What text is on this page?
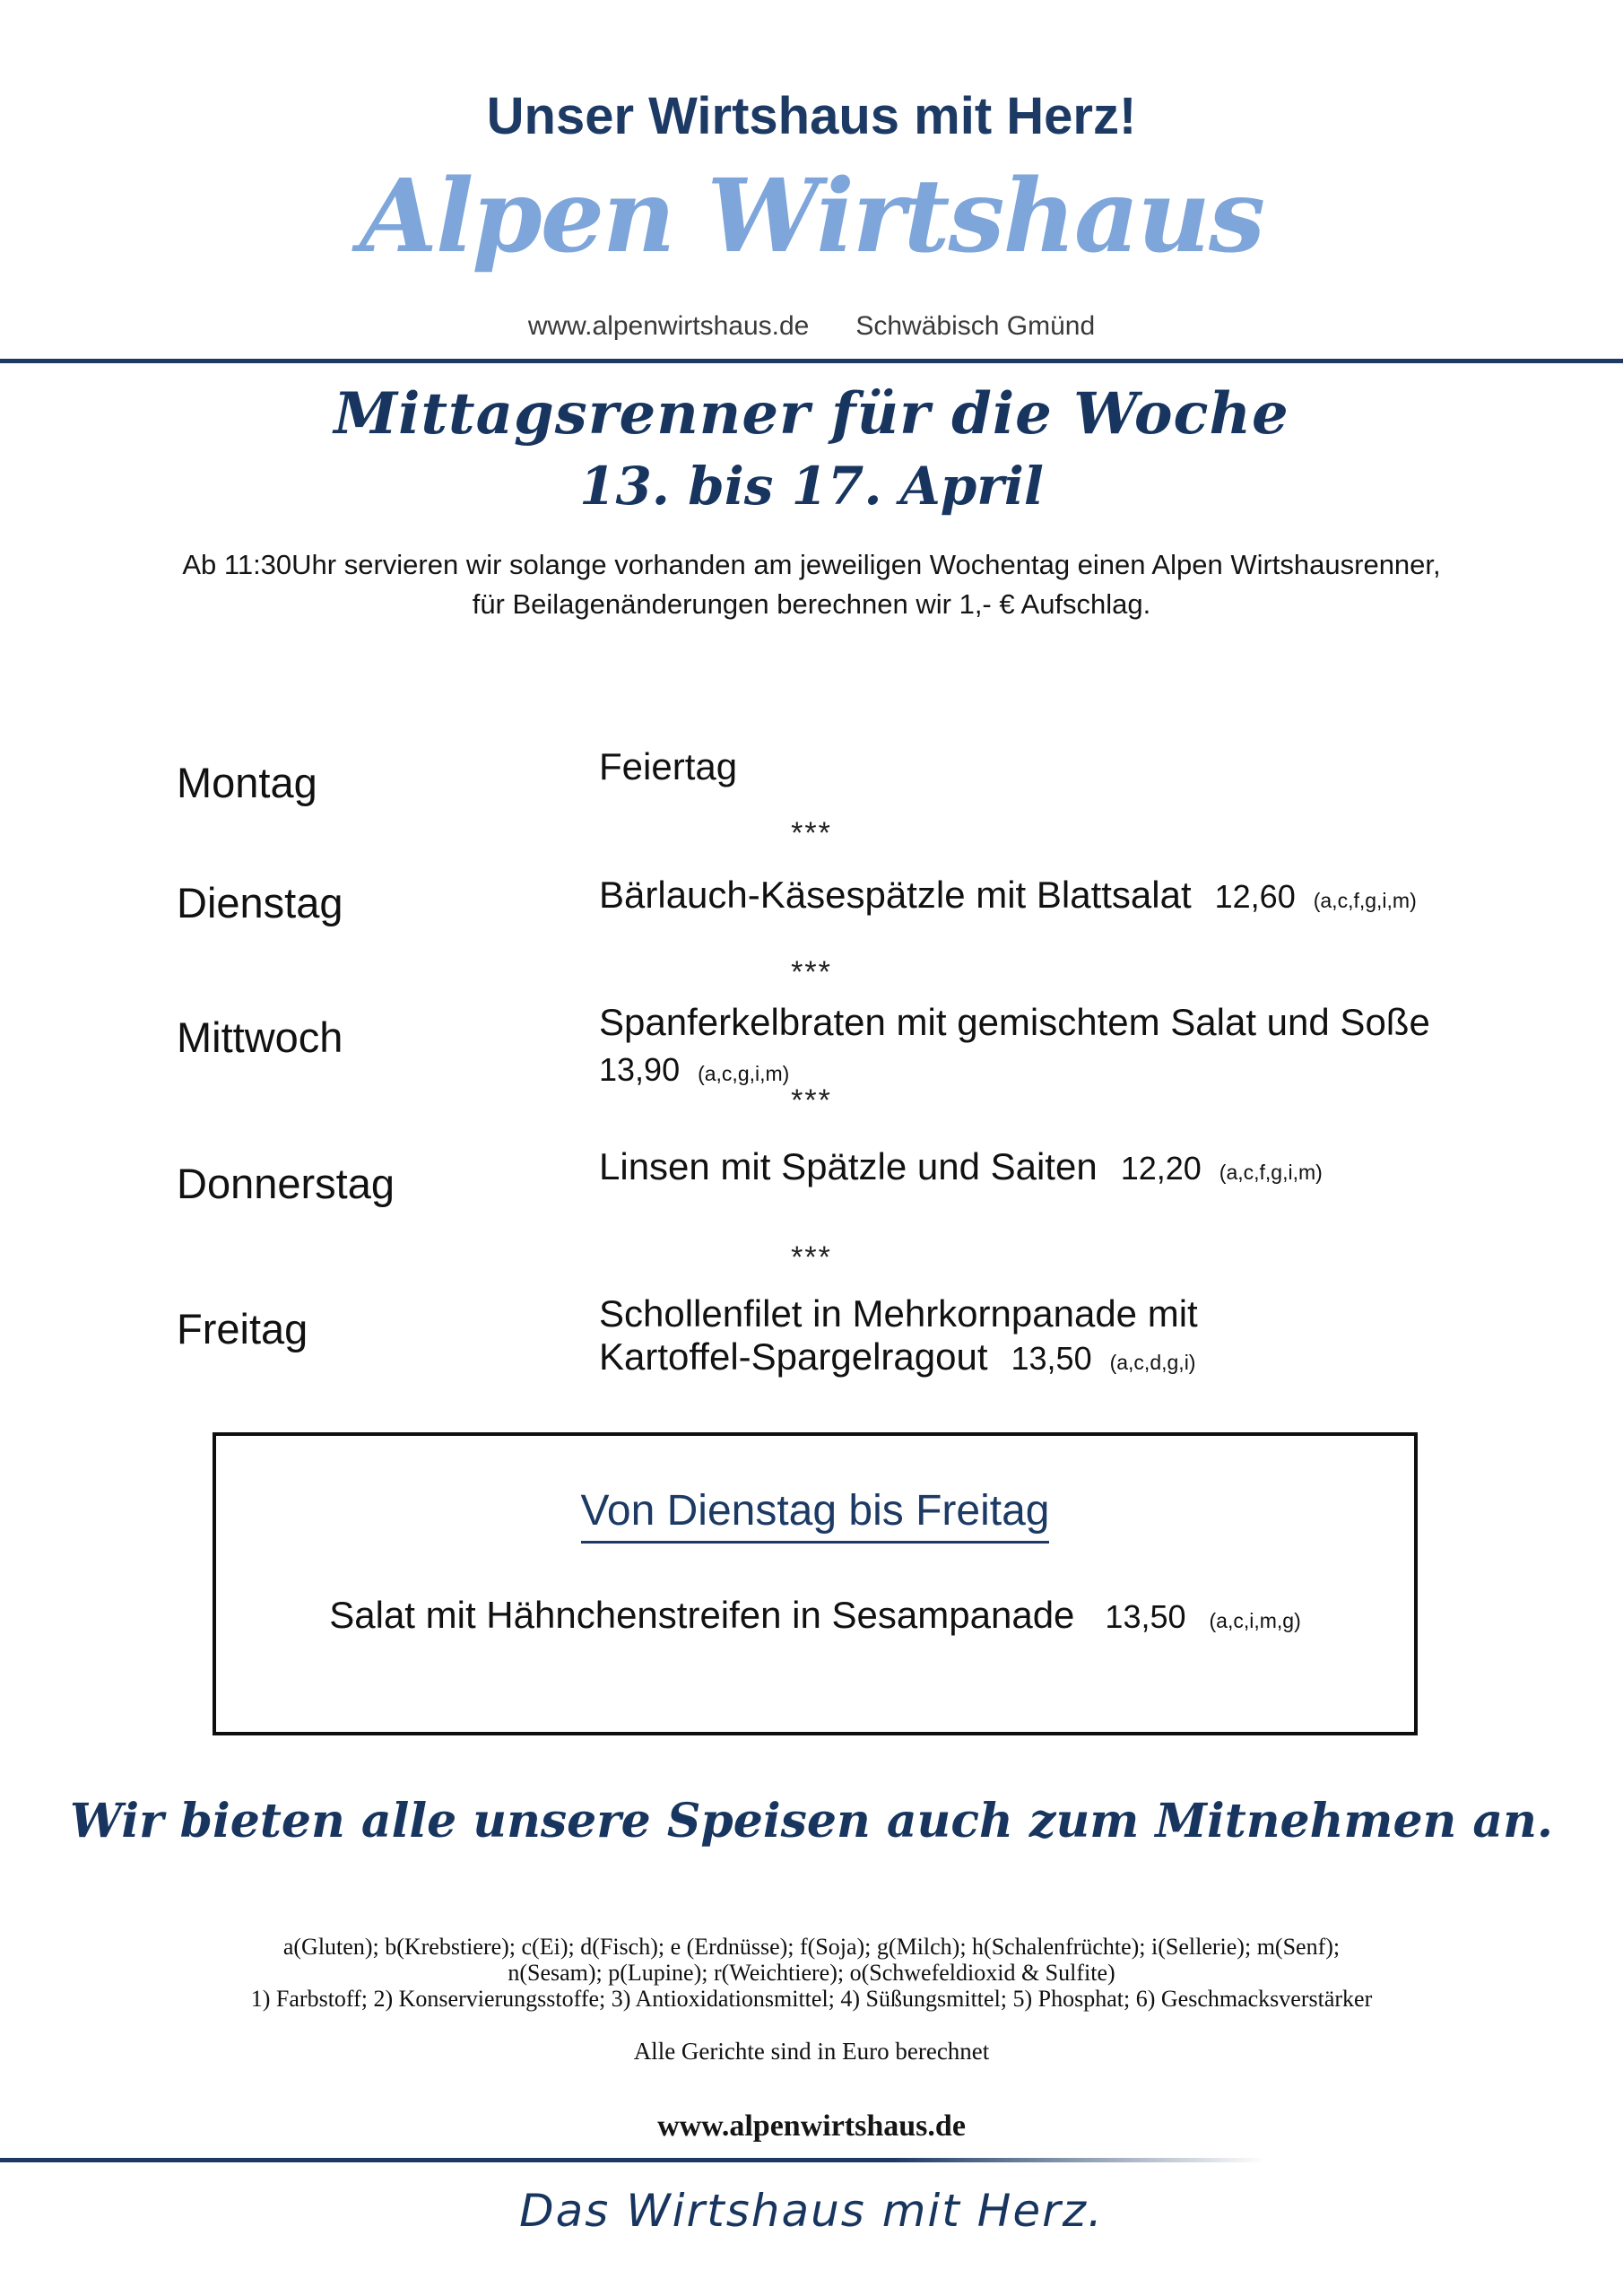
Unser Wirtshaus mit Herz!
Alpen Wirtshaus
www.alpenwirtshaus.de Schwäbisch Gmünd
Mittagsrenner für die Woche
13. bis 17. April
Ab 11:30Uhr servieren wir solange vorhanden am jeweiligen Wochentag einen Alpen Wirtshausrenner,
für Beilagenänderungen berechnen wir 1,- € Aufschlag.
Montag	Feiertag
***
Dienstag	Bärlauch-Käsespätzle mit Blattsalat 12,60 (a,c,f,g,i,m)
***
Mittwoch	Spanferkelbraten mit gemischtem Salat und Soße
13,90 (a,c,g,i,m)
***
Donnerstag	Linsen mit Spätzle und Saiten 12,20 (a,c,f,g,i,m)
***
Freitag	Schollenfilet in Mehrkornpanade mit
Kartoffel-Spargelragout 13,50 (a,c,d,g,i)
Von Dienstag bis Freitag
Salat mit Hähnchenstreifen in Sesampanade 13,50 (a,c,i,m,g)
Wir bieten alle unsere Speisen auch zum Mitnehmen an.
a(Gluten); b(Krebstiere); c(Ei); d(Fisch); e (Erdnüsse); f(Soja); g(Milch); h(Schalenfrüchte); i(Sellerie); m(Senf);
n(Sesam); p(Lupine); r(Weichtiere); o(Schwefeldioxid & Sulfite)
1) Farbstoff; 2) Konservierungsstoffe; 3) Antioxidationsmittel; 4) Süßungsmittel; 5) Phosphat; 6) Geschmacksverstärker
Alle Gerichte sind in Euro berechnet
www.alpenwirtshaus.de
Das Wirtshaus mit Herz.
